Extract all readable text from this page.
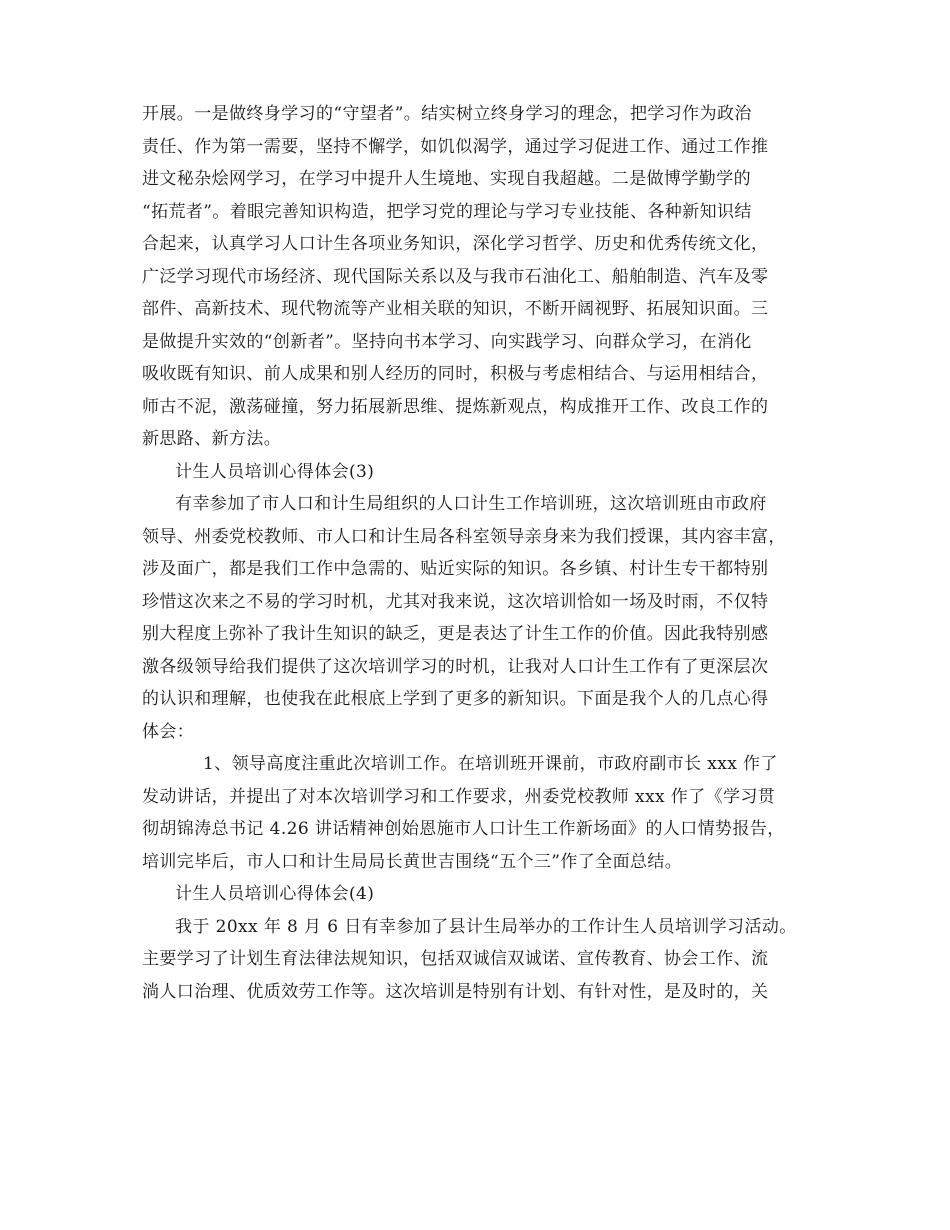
开展。一是做终身学习的“守望者”。结实树立终身学习的理念，把学习作为政治
责任、作为第一需要，坚持不懈学，如饥似渴学，通过学习促进工作、通过工作推
进文秘杂烩网学习，在学习中提升人生境地、实现自我超越。二是做博学勤学的
“拓荒者”。着眼完善知识构造，把学习党的理论与学习专业技能、各种新知识结
合起来，认真学习人口计生各项业务知识，深化学习哲学、历史和优秀传统文化，
广泛学习现代市场经济、现代国际关系以及与我市石油化工、船舶制造、汽车及零
部件、高新技术、现代物流等产业相关联的知识，不断开阔视野、拓展知识面。三
是做提升实效的“创新者”。坚持向书本学习、向实践学习、向群众学习，在消化
吸收既有知识、前人成果和别人经历的同时，积极与考虑相结合、与运用相结合，
师古不泥，激荡碰撞，努力拓展新思维、提炼新观点，构成推开工作、改良工作的
新思路、新方法。
计生人员培训心得体会(3)
有幸参加了市人口和计生局组织的人口计生工作培训班，这次培训班由市政府
领导、州委党校教师、市人口和计生局各科室领导亲身来为我们授课，其内容丰富，
涉及面广，都是我们工作中急需的、贴近实际的知识。各乡镇、村计生专干都特别
珍惜这次来之不易的学习时机，尤其对我来说，这次培训恰如一场及时雨，不仅特
别大程度上弥补了我计生知识的缺乏，更是表达了计生工作的价值。因此我特别感
激各级领导给我们提供了这次培训学习的时机，让我对人口计生工作有了更深层次
的认识和理解，也使我在此根底上学到了更多的新知识。下面是我个人的几点心得
体会：
1、领导高度注重此次培训工作。在培训班开课前，市政府副市长 xxx 作了
发动讲话，并提出了对本次培训学习和工作要求，州委党校教师 xxx 作了《学习贯
彻胡锦涛总书记 4.26 讲话精神创始恩施市人口计生工作新场面》的人口情势报告，
培训完毕后，市人口和计生局局长黄世吉围绕“五个三”作了全面总结。
计生人员培训心得体会(4)
我于 20xx 年 8 月 6 日有幸参加了县计生局举办的工作计生人员培训学习活动。
主要学习了计划生育法律法规知识，包括双诚信双诚诺、宣传教育、协会工作、流
淌人口治理、优质效劳工作等。这次培训是特别有计划、有针对性，是及时的，关
